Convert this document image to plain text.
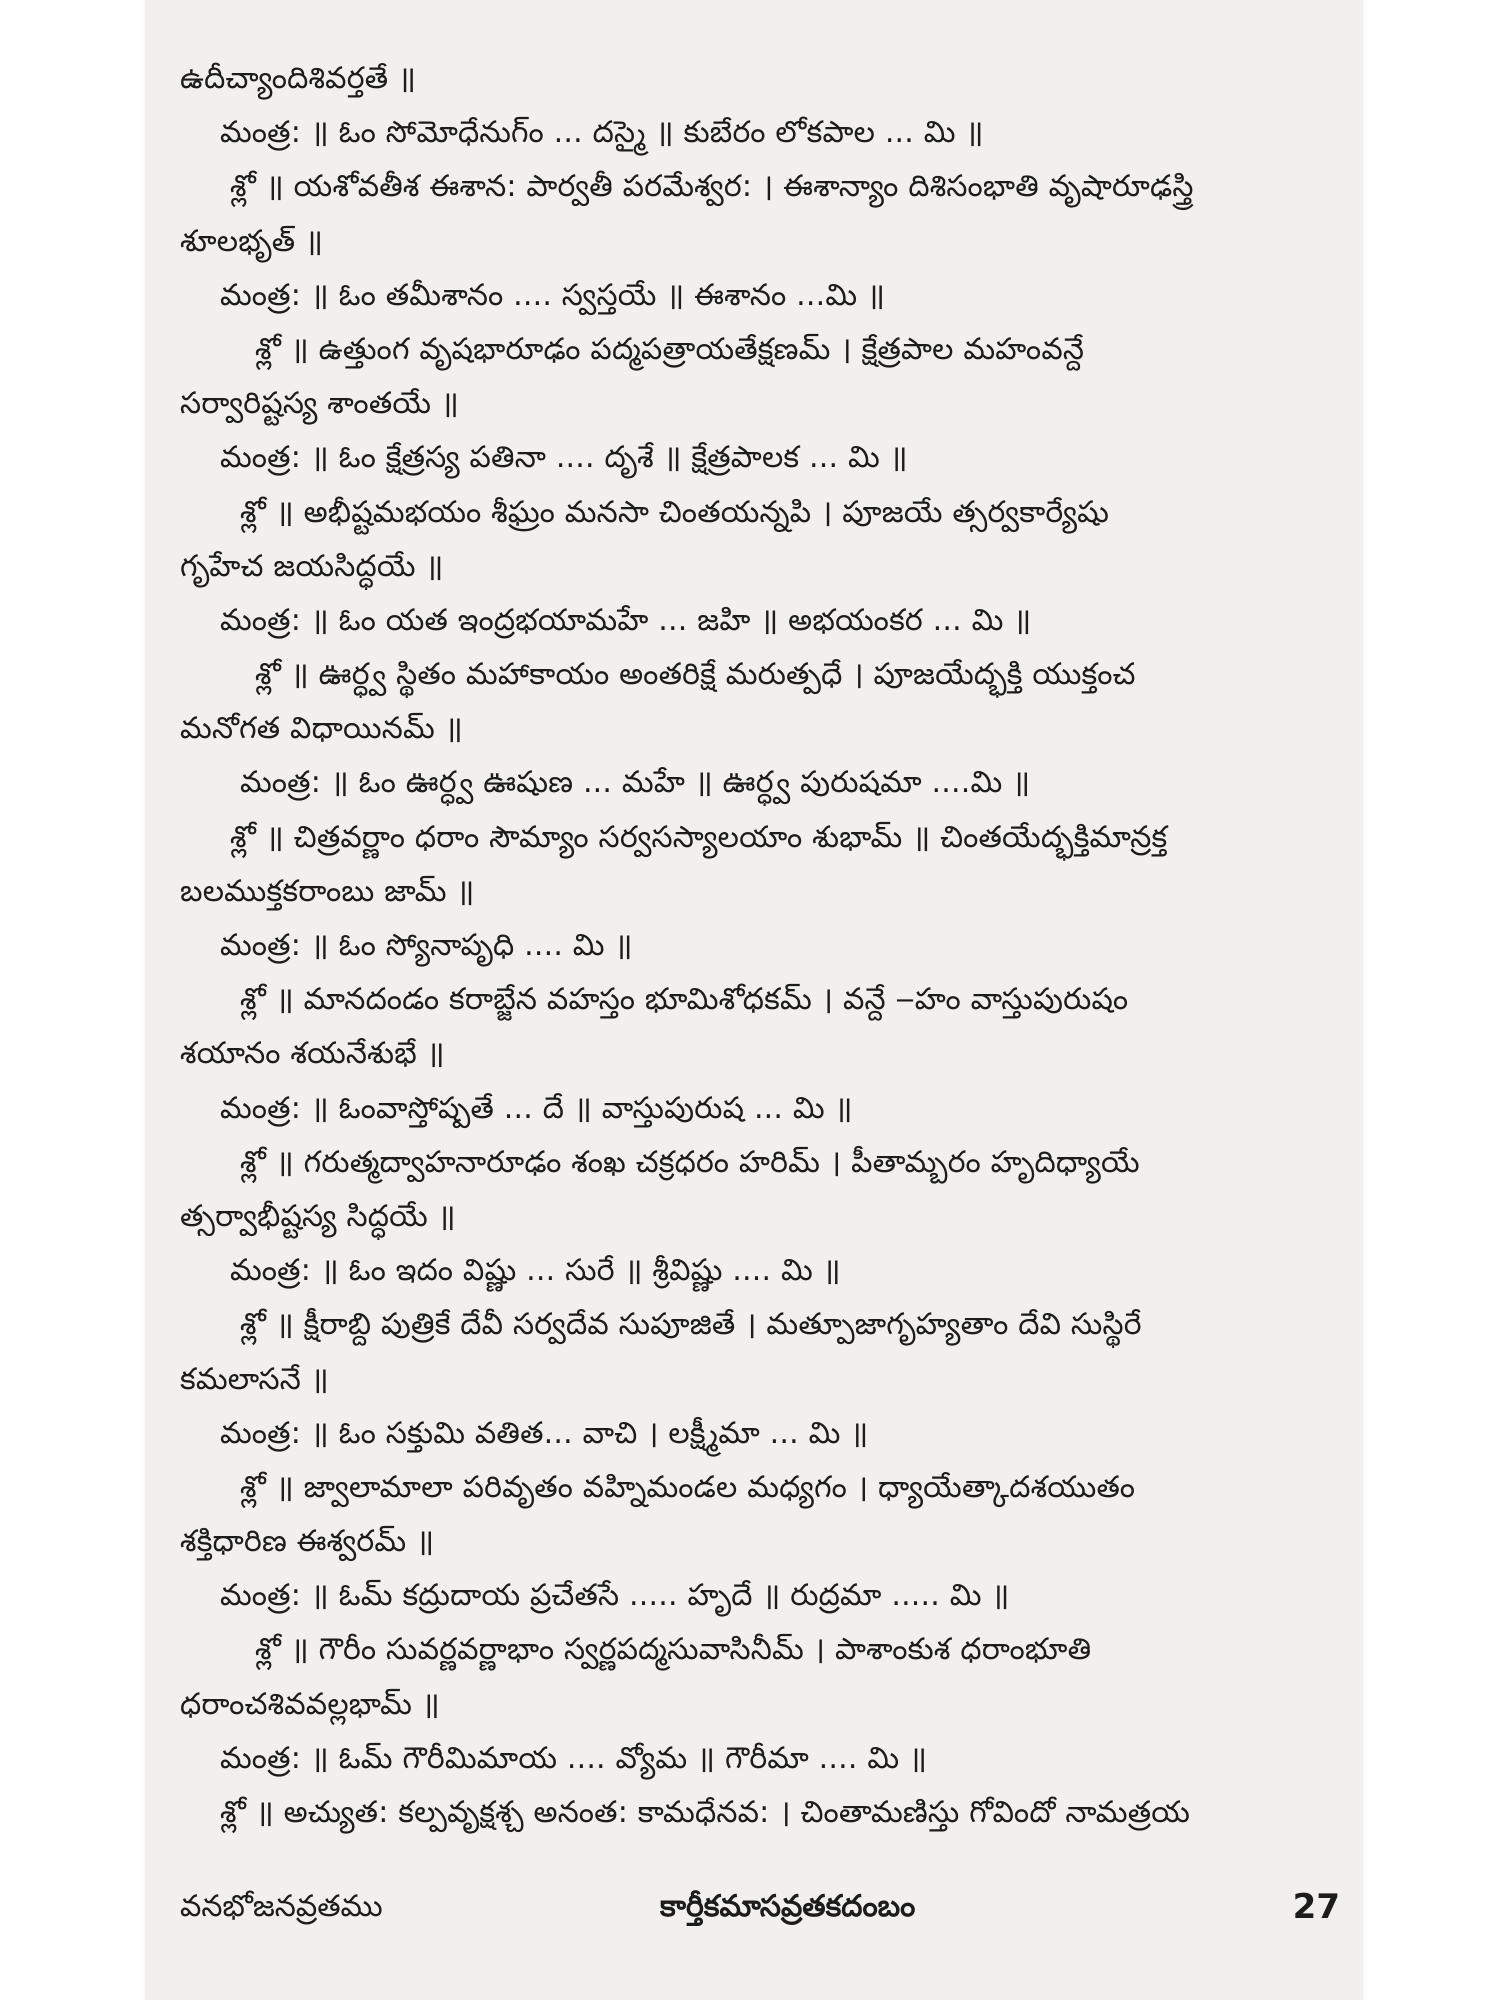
ఉదీచ్యాందిశివర్తతే ॥
మంత్ర: ॥ ఓం సోమోధేనుగ్ం ... దస్మై ॥ కుబేరం లోకపాల ... మి ॥
శ్లో ॥ యశోవతీశ ఈశాన: పార్వతీ పరమేశ్వర: । ఈశాన్యాం దిశిసంభాతి వృషారూఢస్త్రి
శూలభృత్ ॥
మంత్ర: ॥ ఓం తమీశానం .... స్వస్తయే ॥ ఈశానం ...మి ॥
శ్లో ॥ ఉత్తుంగ వృషభారూఢం పద్మపత్రాయతేక్షణమ్ । క్షేత్రపాల మహంవన్దే
సర్వారిష్టస్య శాంతయే ॥
మంత్ర: ॥ ఓం క్షేత్రస్య పతినా .... దృశే ॥ క్షేత్రపాలక ... మి ॥
శ్లో ॥ అభీష్టమభయం శీఘ్రం మనసా చింతయన్నపి । పూజయే త్సర్వకార్యేషు
గృహేచ జయసిద్ధయే ॥
మంత్ర: ॥ ఓం యత ఇంద్రభయామహే ... జహి ॥ అభయంకర ... మి ॥
శ్లో ॥ ఊర్ధ్వ స్థితం మహాకాయం అంతరిక్షే మరుత్పధే । పూజయేద్భక్తి యుక్తంచ
మనోగత విధాయినమ్ ॥
మంత్ర: ॥ ఓం ఊర్ధ్వ ఊషుణ ... మహే ॥ ఊర్ధ్వ పురుషమా ....మి ॥
శ్లో ॥ చిత్రవర్ణాం ధరాం సౌమ్యాం సర్వసస్యాలయాం శుభామ్ ॥ చింతయేద్భక్తిమాన్రక్త
బలముక్తకరాంబు జామ్ ॥
మంత్ర: ॥ ఓం స్యోనాపృధి .... మి ॥
శ్లో ॥ మానదండం కరాబ్జేన వహస్తం భూమిశోధకమ్ । వన్దే ‒హం వాస్తుపురుషం
శయానం శయనేశుభే ॥
మంత్ర: ॥ ఓంవాస్తోష్పతే ... దే ॥ వాస్తుపురుష ... మి ॥
శ్లో ॥ గరుత్మద్వాహనారూఢం శంఖ చక్రధరం హరిమ్ । పీతామ్బరం హృదిధ్యాయే
త్సర్వాభీష్టస్య సిద్ధయే ॥
మంత్ర: ॥ ఓం ఇదం విష్ణు ... సురే ॥ శ్రీవిష్ణు .... మి ॥
శ్లో ॥ క్షీరాబ్ది పుత్రికే దేవీ సర్వదేవ సుపూజితే । మత్పూజాగృహ్యతాం దేవి సుస్థిరే
కమలాసనే ॥
మంత్ర: ॥ ఓం సక్తుమి వతిత... వాచి । లక్ష్మీమా ... మి ॥
శ్లో ॥ జ్వాలామాలా పరివృతం వహ్నిమండల మధ్యగం । ధ్యాయేత్కాదశయుతం
శక్తిధారిణ ఈశ్వరమ్ ॥
మంత్ర: ॥ ఓమ్ కద్రుదాయ ప్రచేతసే ..... హృదే ॥ రుద్రమా ..... మి ॥
శ్లో ॥ గౌరీం సువర్ణవర్ణాభాం స్వర్ణపద్మసువాసినీమ్ । పాశాంకుశ ధరాంభూతి
ధరాంచశివవల్లభామ్ ॥
మంత్ర: ॥ ఓమ్ గౌరీమిమాయ .... వ్యోమ ॥ గౌరీమా .... మి ॥
శ్లో ॥ అచ్యుత: కల్పవృక్షశ్చ అనంత: కామధేనవ: । చింతామణిస్తు గోవిందో నామత్రయ
వనభోజనవ్రతము	కార్తీకమాసవ్రతకదంబం	27
